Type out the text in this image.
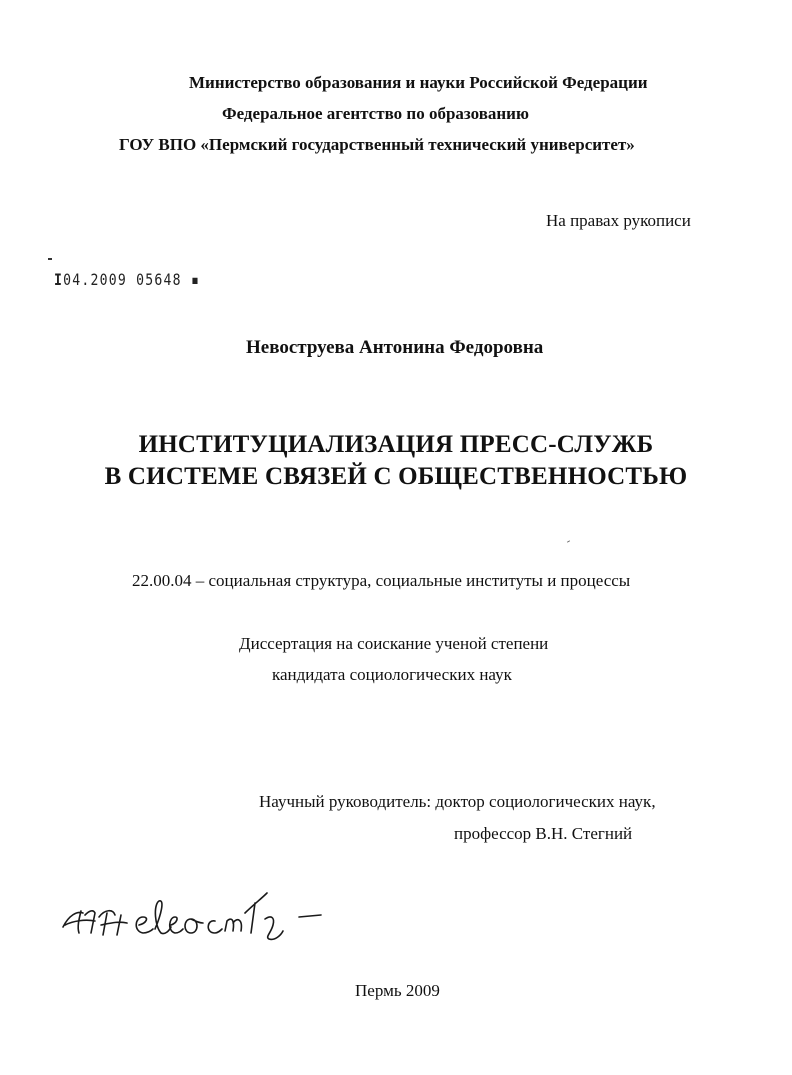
Министерство образования и науки Российской Федерации
Федеральное агентство по образованию
ГОУ ВПО «Пермский государственный технический университет»
На правах рукописи
I04.2009 05648 ▪
Невоструева Антонина Федоровна
ИНСТИТУЦИАЛИЗАЦИЯ ПРЕСС-СЛУЖБ
В СИСТЕМЕ СВЯЗЕЙ С ОБЩЕСТВЕННОСТЬЮ
22.00.04 – социальная структура, социальные институты и процессы
Диссертация на соискание ученой степени
кандидата социологических наук
Научный руководитель: доктор социологических наук,
профессор В.Н. Стегний
Пермь 2009
